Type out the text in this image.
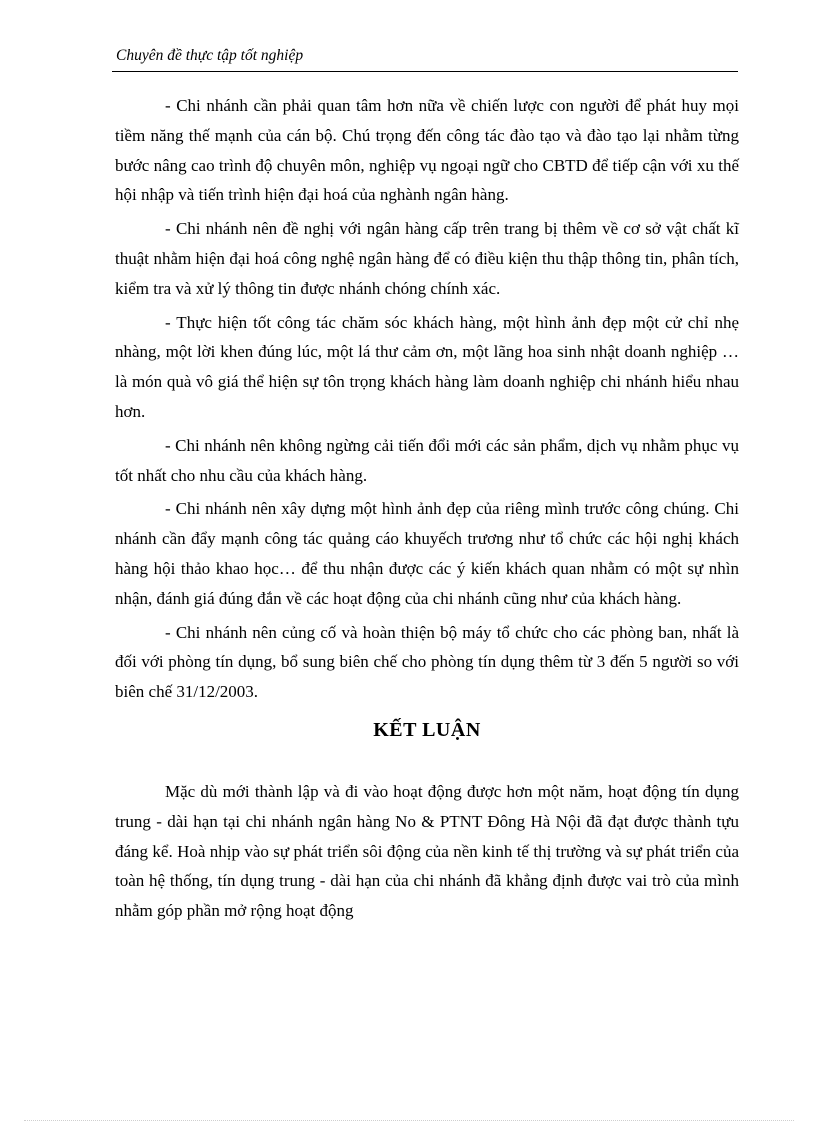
Chuyên đề thực tập tốt nghiệp

- Chi nhánh cần phải quan tâm hơn nữa về chiến lược con người để phát huy mọi tiềm năng thế mạnh của cán bộ. Chú trọng đến công tác đào tạo và đào tạo lại nhằm từng bước nâng cao trình độ chuyên môn, nghiệp vụ ngoại ngữ cho CBTD để tiếp cận với xu thế hội nhập và tiến trình hiện đại hoá của nghành ngân hàng.

- Chi nhánh nên đề nghị với ngân hàng cấp trên trang bị thêm về cơ sở vật chất kĩ thuật nhằm hiện đại hoá công nghệ ngân hàng để có điều kiện thu thập thông tin, phân tích, kiểm tra và xử lý thông tin được nhánh chóng chính xác.

- Thực hiện tốt công tác chăm sóc khách hàng, một hình ảnh đẹp một cử chỉ nhẹ nhàng, một lời khen đúng lúc, một lá thư cảm ơn, một lãng hoa sinh nhật doanh nghiệp …là món quà vô giá thể hiện sự tôn trọng khách hàng làm doanh nghiệp chi nhánh hiểu nhau hơn.

- Chi nhánh nên không ngừng cải tiến đổi mới các sản phẩm, dịch vụ nhằm phục vụ tốt nhất cho nhu cầu của khách hàng.

- Chi nhánh nên xây dựng một hình ảnh đẹp của riêng mình trước công chúng. Chi nhánh cần đẩy mạnh công tác quảng cáo khuyếch trương như tổ chức các hội nghị khách hàng hội thảo khao học… để thu nhận được các ý kiến khách quan nhằm có một sự nhìn nhận, đánh giá đúng đắn về các hoạt động của chi nhánh cũng như của khách hàng.

- Chi nhánh nên củng cố và hoàn thiện bộ máy tổ chức cho các phòng ban, nhất là đối với phòng tín dụng, bổ sung biên chế cho phòng tín dụng thêm từ 3 đến 5 người so với biên chế 31/12/2003.

KẾT LUẬN

Mặc dù mới thành lập và đi vào hoạt động được hơn một năm, hoạt động tín dụng trung - dài hạn tại chi nhánh ngân hàng No & PTNT Đông Hà Nội đã đạt được thành tựu đáng kể. Hoà nhịp vào sự phát triển sôi động của nền kinh tế thị trường và sự phát triển của toàn hệ thống, tín dụng trung - dài hạn của chi nhánh đã khẳng định được vai trò của mình nhằm góp phần mở rộng hoạt động
